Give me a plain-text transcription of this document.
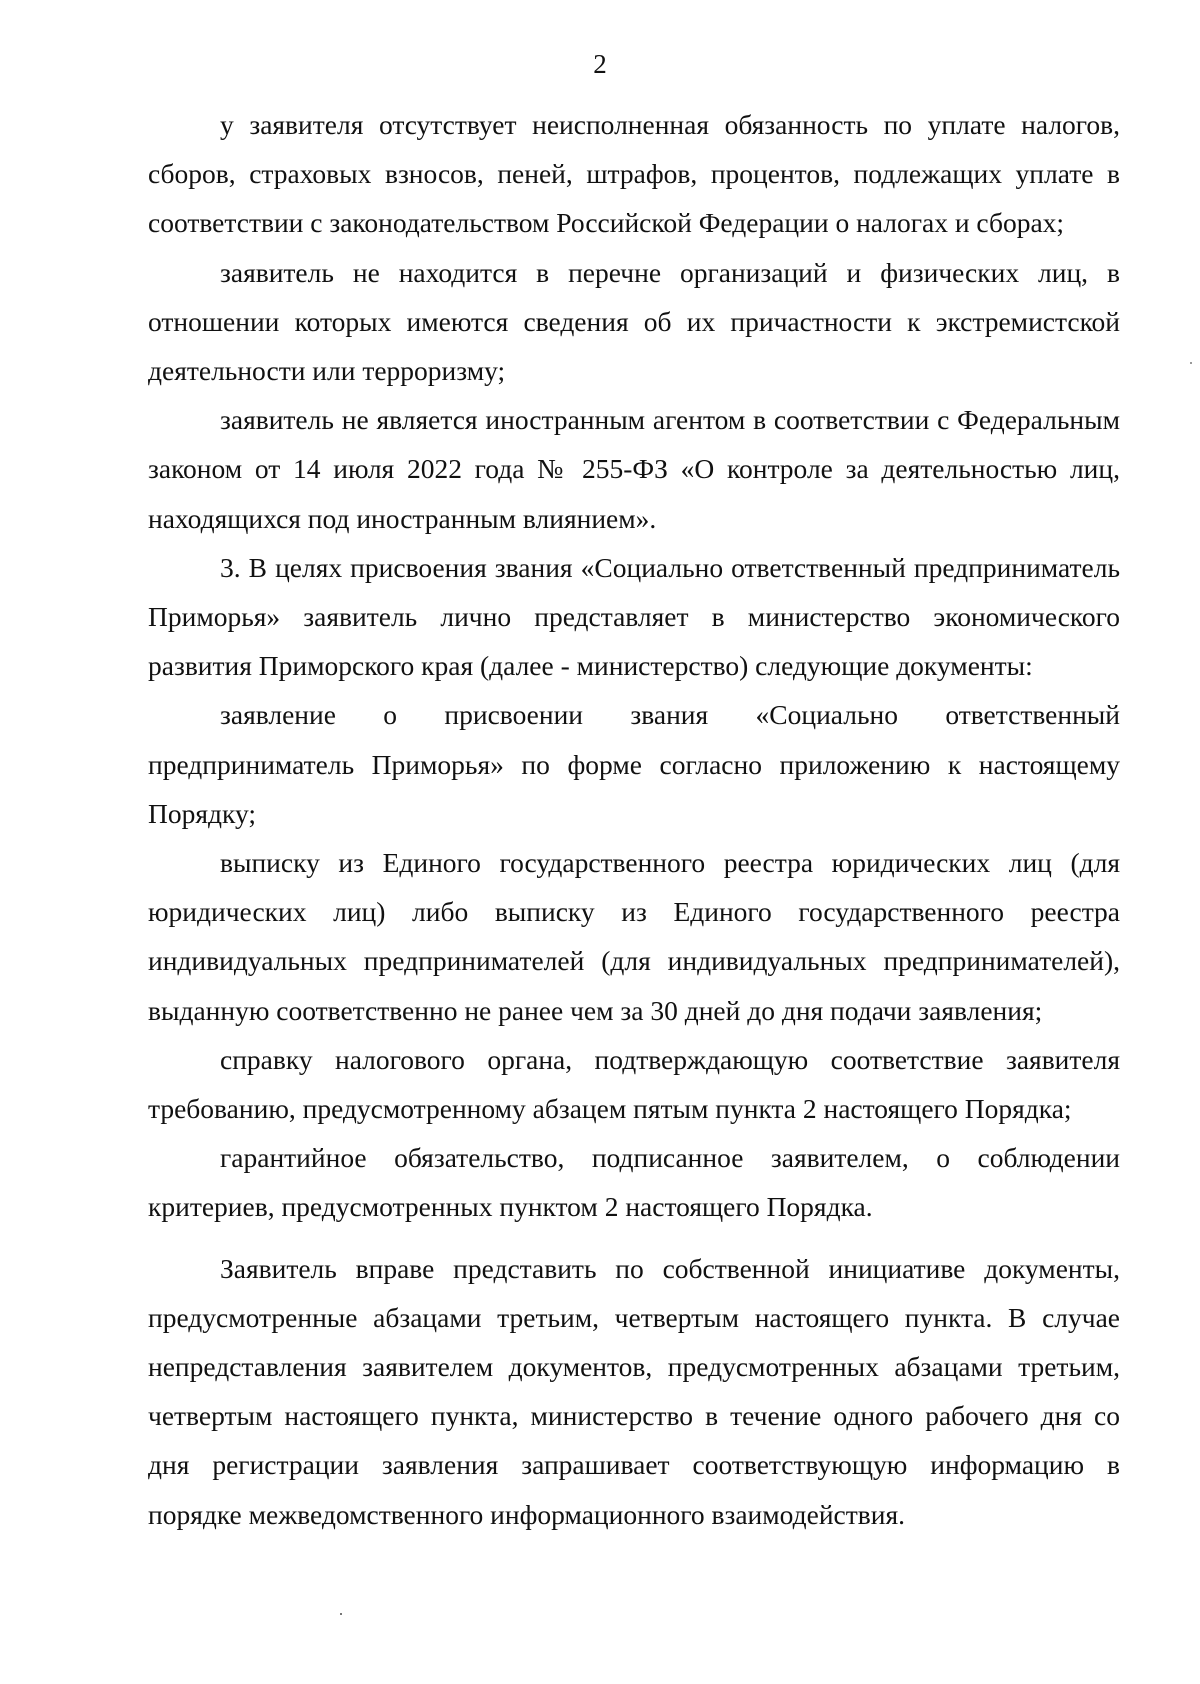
2

у заявителя отсутствует неисполненная обязанность по уплате налогов, сборов, страховых взносов, пеней, штрафов, процентов, подлежащих уплате в соответствии с законодательством Российской Федерации о налогах и сборах;

заявитель не находится в перечне организаций и физических лиц, в отношении которых имеются сведения об их причастности к экстремистской деятельности или терроризму;

заявитель не является иностранным агентом в соответствии с Федеральным законом от 14 июля 2022 года № 255-ФЗ «О контроле за деятельностью лиц, находящихся под иностранным влиянием».

3. В целях присвоения звания «Социально ответственный предприниматель Приморья» заявитель лично представляет в министерство экономического развития Приморского края (далее - министерство) следующие документы:

заявление о присвоении звания «Социально ответственный предприниматель Приморья» по форме согласно приложению к настоящему Порядку;

выписку из Единого государственного реестра юридических лиц (для юридических лиц) либо выписку из Единого государственного реестра индивидуальных предпринимателей (для индивидуальных предпринимателей), выданную соответственно не ранее чем за 30 дней до дня подачи заявления;

справку налогового органа, подтверждающую соответствие заявителя требованию, предусмотренному абзацем пятым пункта 2 настоящего Порядка;

гарантийное обязательство, подписанное заявителем, о соблюдении критериев, предусмотренных пунктом 2 настоящего Порядка.

Заявитель вправе представить по собственной инициативе документы, предусмотренные абзацами третьим, четвертым настоящего пункта. В случае непредставления заявителем документов, предусмотренных абзацами третьим, четвертым настоящего пункта, министерство в течение одного рабочего дня со дня регистрации заявления запрашивает соответствующую информацию в порядке межведомственного информационного взаимодействия.
